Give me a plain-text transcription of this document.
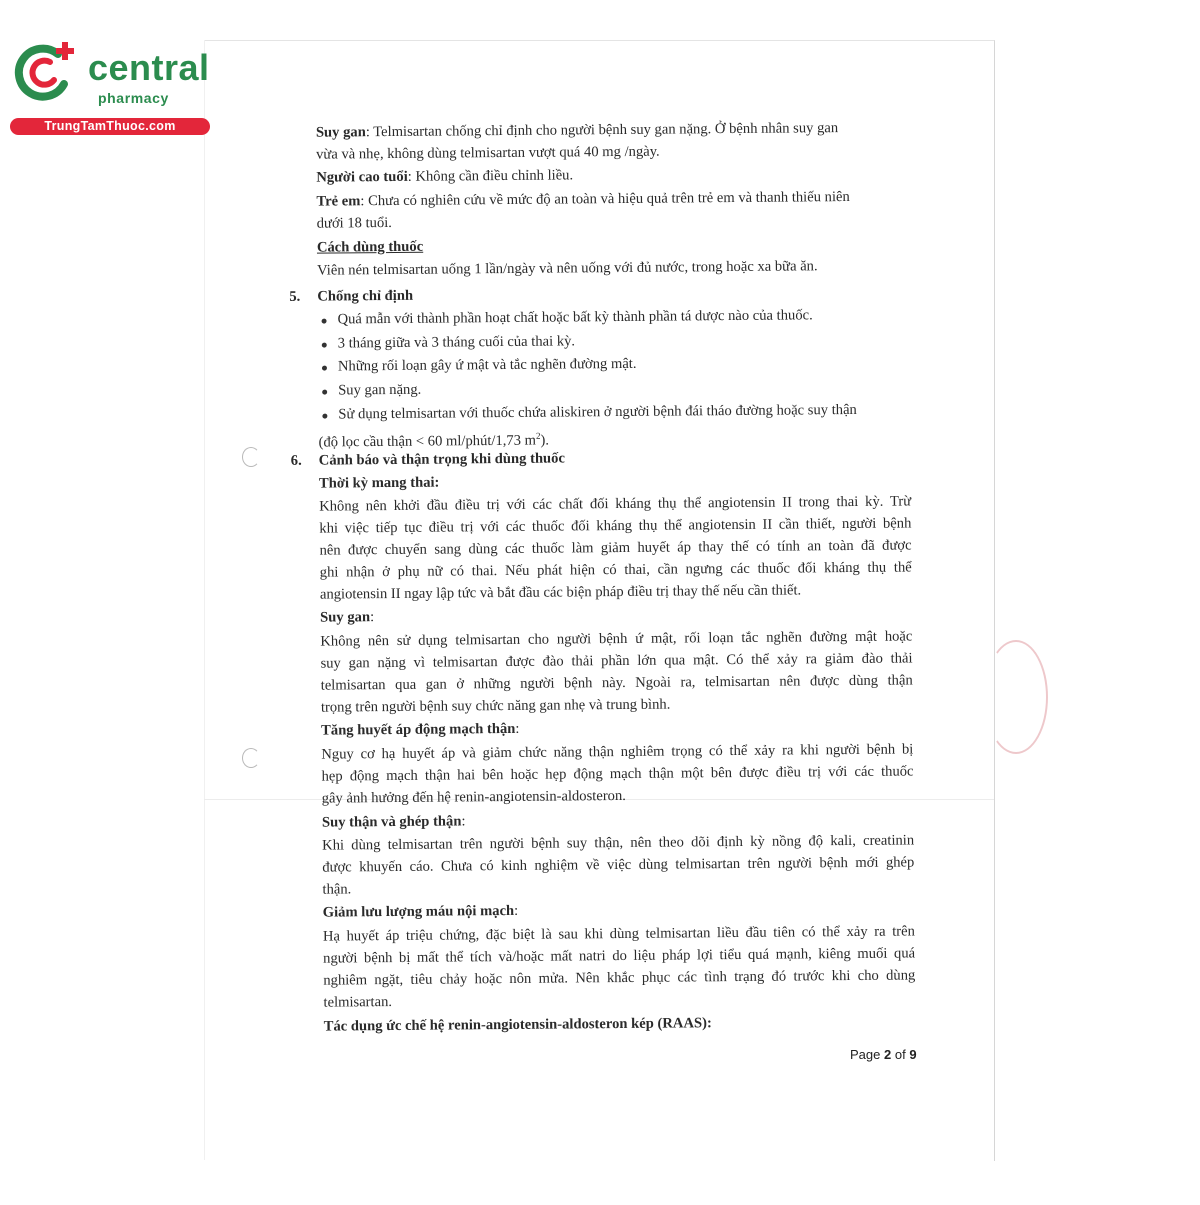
central
pharmacy
TrungTamThuoc.com	Suy gan: Telmisartan chống chỉ định cho người bệnh suy gan nặng. Ở bệnh nhân suy gan
vừa và nhẹ, không dùng telmisartan vượt quá 40 mg /ngày.
Người cao tuổi: Không cần điều chỉnh liều.
Trẻ em: Chưa có nghiên cứu về mức độ an toàn và hiệu quả trên trẻ em và thanh thiếu niên
dưới 18 tuổi.
Cách dùng thuốc
Viên nén telmisartan uống 1 lần/ngày và nên uống với đủ nước, trong hoặc xa bữa ăn.
5. Chống chỉ định
Quá mẫn với thành phần hoạt chất hoặc bất kỳ thành phần tá dược nào của thuốc.
3 tháng giữa và 3 tháng cuối của thai kỳ.
Những rối loạn gây ứ mật và tắc nghẽn đường mật.
Suy gan nặng.
Sử dụng telmisartan với thuốc chứa aliskiren ở người bệnh đái tháo đường hoặc suy thận
(độ lọc cầu thận < 60 ml/phút/1,73 $m^2$).
6. Cảnh báo và thận trọng khi dùng thuốc
Thời kỳ mang thai:
Không nên khởi đầu điều trị với các chất đối kháng thụ thể angiotensin II trong thai kỳ. Trừ
khi việc tiếp tục điều trị với các thuốc đối kháng thụ thể angiotensin II cần thiết, người bệnh
nên được chuyển sang dùng các thuốc làm giảm huyết áp thay thế có tính an toàn đã được
ghi nhận ở phụ nữ có thai. Nếu phát hiện có thai, cần ngưng các thuốc đối kháng thụ thể
angiotensin II ngay lập tức và bắt đầu các biện pháp điều trị thay thế nếu cần thiết.
Suy gan:
Không nên sử dụng telmisartan cho người bệnh ứ mật, rối loạn tắc nghẽn đường mật hoặc
suy gan nặng vì telmisartan được đào thải phần lớn qua mật. Có thể xảy ra giảm đào thải
telmisartan qua gan ở những người bệnh này. Ngoài ra, telmisartan nên được dùng thận
trọng trên người bệnh suy chức năng gan nhẹ và trung bình.
Tăng huyết áp động mạch thận:
Nguy cơ hạ huyết áp và giảm chức năng thận nghiêm trọng có thể xảy ra khi người bệnh bị
hẹp động mạch thận hai bên hoặc hẹp động mạch thận một bên được điều trị với các thuốc
gây ảnh hưởng đến hệ renin-angiotensin-aldosteron.
Suy thận và ghép thận:
Khi dùng telmisartan trên người bệnh suy thận, nên theo dõi định kỳ nồng độ kali, creatinin
được khuyến cáo. Chưa có kinh nghiệm về việc dùng telmisartan trên người bệnh mới ghép
thận.
Giảm lưu lượng máu nội mạch:
Hạ huyết áp triệu chứng, đặc biệt là sau khi dùng telmisartan liều đầu tiên có thể xảy ra trên
người bệnh bị mất thể tích và/hoặc mất natri do liệu pháp lợi tiểu quá mạnh, kiêng muối quá
nghiêm ngặt, tiêu chảy hoặc nôn mửa. Nên khắc phục các tình trạng đó trước khi cho dùng
telmisartan.
Tác dụng ức chế hệ renin-angiotensin-aldosteron kép (RAAS):
Page 2 of 9
